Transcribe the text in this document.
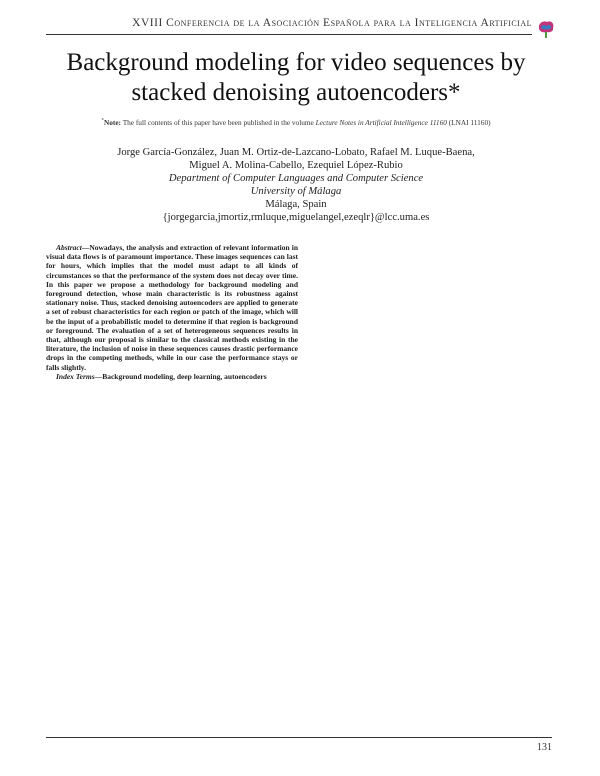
XVIII Conferencia de la Asociación Española para la Inteligencia Artificial
Background modeling for video sequences by
stacked denoising autoencoders*
*Note: The full contents of this paper have been published in the volume Lecture Notes in Artificial Intelligence 11160 (LNAI 11160)
Jorge García-González, Juan M. Ortiz-de-Lazcano-Lobato, Rafael M. Luque-Baena,
Miguel A. Molina-Cabello, Ezequiel López-Rubio
Department of Computer Languages and Computer Science
University of Málaga
Málaga, Spain
{jorgegarcia,jmortiz,rmluque,miguelangel,ezeqlr}@lcc.uma.es

Abstract—Nowadays, the analysis and extraction of relevant information in visual data flows is of paramount importance. These images sequences can last for hours, which implies that the model must adapt to all kinds of circumstances so that the performance of the system does not decay over time. In this paper we propose a methodology for background modeling and foreground detection, whose main characteristic is its robustness against stationary noise. Thus, stacked denoising autoencoders are applied to generate a set of robust characteristics for each region or patch of the image, which will be the input of a probabilistic model to determine if that region is background or foreground. The evaluation of a set of heterogeneous sequences results in that, although our proposal is similar to the classical methods existing in the literature, the inclusion of noise in these sequences causes drastic performance drops in the competing methods, while in our case the performance stays or falls slightly.

Index Terms—Background modeling, deep learning, autoencoders

131
